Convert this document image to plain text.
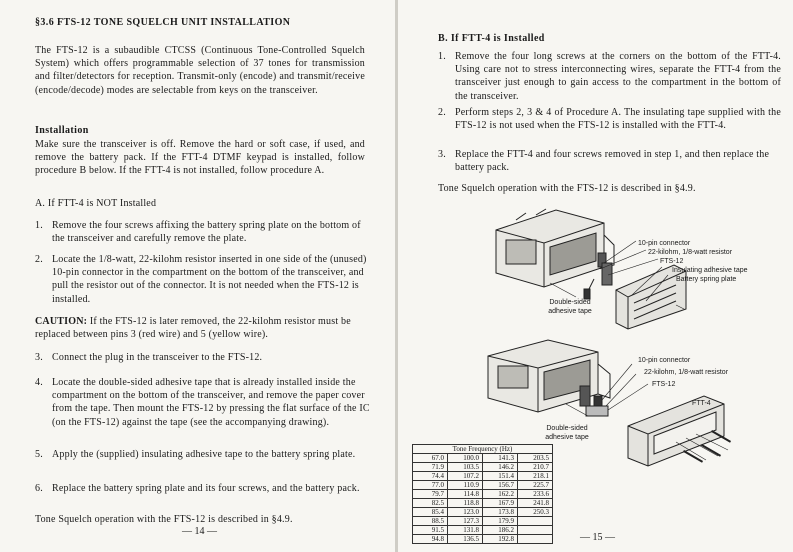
§3.6 FTS-12 TONE SQUELCH UNIT INSTALLATION

The FTS-12 is a subaudible CTCSS (Continuous Tone-Controlled Squelch System) which offers programmable selection of 37 tones for transmission and filter/detectors for reception. Transmit-only (encode) and transmit/receive (encode/decode) modes are selectable from keys on the transceiver.

Installation

Make sure the transceiver is off. Remove the hard or soft case, if used, and remove the battery pack. If the FTT-4 DTMF keypad is installed, follow procedure B below. If the FTT-4 is not installed, follow procedure A.

A. If FTT-4 is NOT Installed
1. Remove the four screws affixing the battery spring plate on the bottom of the transceiver and carefully remove the plate.
2. Locate the 1/8-watt, 22-kilohm resistor inserted in one side of the (unused) 10-pin connector in the compartment on the bottom of the transceiver, and pull the resistor out of the connector. It is not needed when the FTS-12 is installed.
CAUTION: If the FTS-12 is later removed, the 22-kilohm resistor must be replaced between pins 3 (red wire) and 5 (yellow wire).
3. Connect the plug in the transceiver to the FTS-12.
4. Locate the double-sided adhesive tape that is already installed inside the compartment on the bottom of the transceiver, and remove the paper cover from the tape. Then mount the FTS-12 by pressing the flat surface of the IC (on the FTS-12) against the tape (see the accompanying drawing).
5. Apply the (supplied) insulating adhesive tape to the battery spring plate.
6. Replace the battery spring plate and its four screws, and the battery pack.
Tone Squelch operation with the FTS-12 is described in §4.9.
— 14 —
B. If FTT-4 is Installed
1. Remove the four long screws at the corners on the bottom of the FTT-4. Using care not to stress interconnecting wires, separate the FTT-4 from the transceiver just enough to gain access to the compartment in the bottom of the transceiver.
2. Perform steps 2, 3 & 4 of Procedure A. The insulating tape supplied with the FTS-12 is not used when the FTS-12 is installed with the FTT-4.
3. Replace the FTT-4 and four screws removed in step 1, and then replace the battery pack.
Tone Squelch operation with the FTS-12 is described in §4.9.
10-pin connector
22-kilohm, 1/8-watt resistor
FTS-12
Insulating adhesive tape
Battery spring plate
Double-sided adhesive tape
10-pin connector
22-kilohm, 1/8-watt resistor
FTS-12
FTT-4
Double-sided adhesive tape
Tone Frequency (Hz)			
67.0	100.0	141.3	203.5
71.9	103.5	146.2	210.7
74.4	107.2	151.4	218.1
77.0	110.9	156.7	225.7
79.7	114.8	162.2	233.6
82.5	118.8	167.9	241.8
85.4	123.0	173.8	250.3
88.5	127.3	179.9	
91.5	131.8	186.2	
94.8	136.5	192.8		— 15 —
